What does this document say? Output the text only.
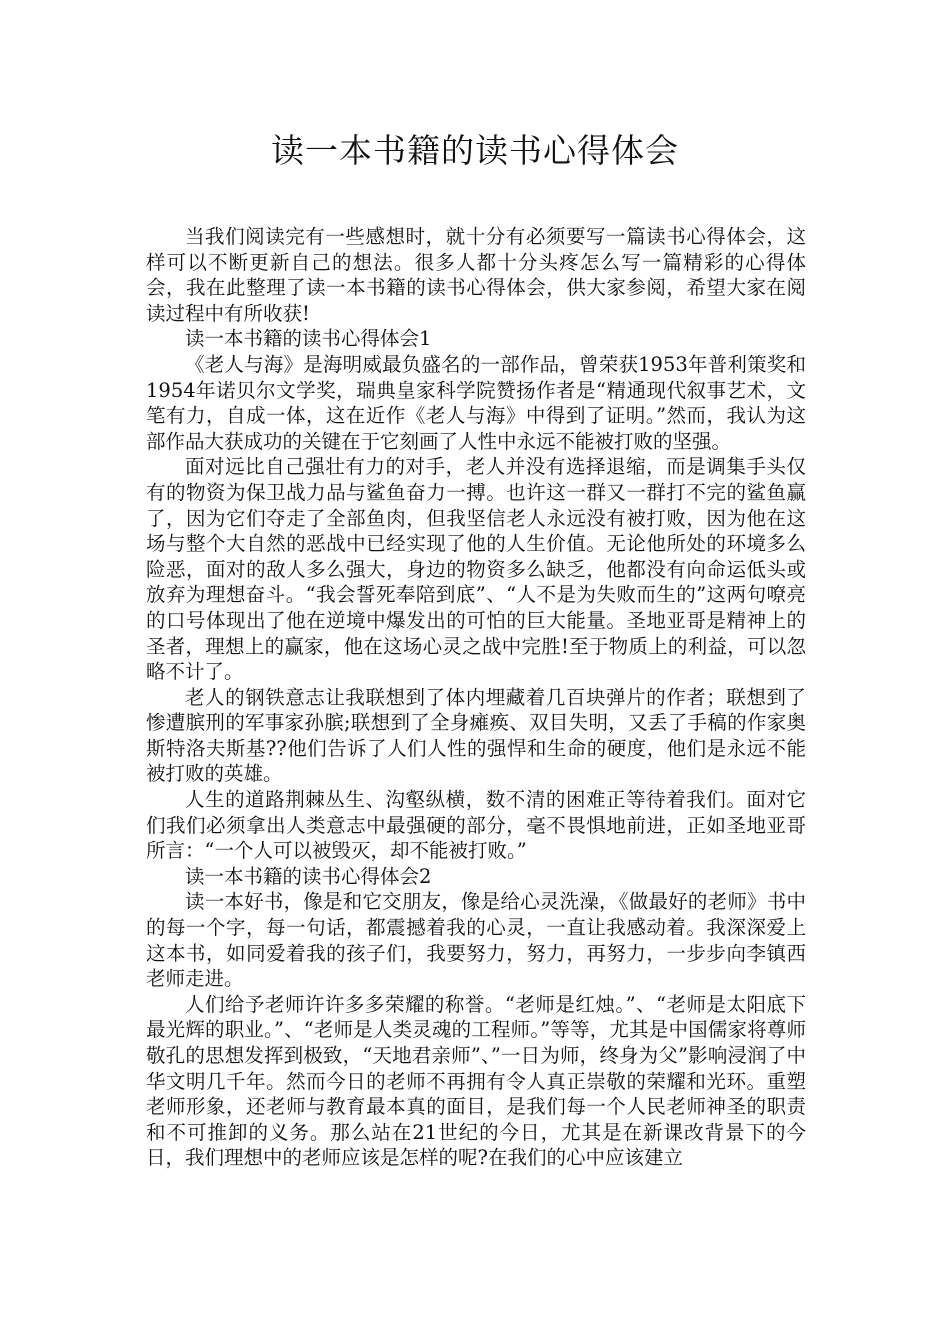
读一本书籍的读书心得体会

当我们阅读完有一些感想时，就十分有必须要写一篇读书心得体会，这样可以不断更新自己的想法。很多人都十分头疼怎么写一篇精彩的心得体会，我在此整理了读一本书籍的读书心得体会，供大家参阅，希望大家在阅读过程中有所收获!

读一本书籍的读书心得体会1

《老人与海》是海明威最负盛名的一部作品，曾荣获1953年普利策奖和1954年诺贝尔文学奖，瑞典皇家科学院赞扬作者是“精通现代叙事艺术，文笔有力，自成一体，这在近作《老人与海》中得到了证明。”然而，我认为这部作品大获成功的关键在于它刻画了人性中永远不能被打败的坚强。

面对远比自己强壮有力的对手，老人并没有选择退缩，而是调集手头仅有的物资为保卫战力品与鲨鱼奋力一搏。也许这一群又一群打不完的鲨鱼赢了，因为它们夺走了全部鱼肉，但我坚信老人永远没有被打败，因为他在这场与整个大自然的恶战中已经实现了他的人生价值。无论他所处的环境多么险恶，面对的敌人多么强大，身边的物资多么缺乏，他都没有向命运低头或放弃为理想奋斗。“我会誓死奉陪到底”、“人不是为失败而生的”这两句嘹亮的口号体现出了他在逆境中爆发出的可怕的巨大能量。圣地亚哥是精神上的圣者，理想上的赢家，他在这场心灵之战中完胜!至于物质上的利益，可以忽略不计了。

老人的钢铁意志让我联想到了体内埋藏着几百块弹片的作者；联想到了惨遭膑刑的军事家孙膑;联想到了全身瘫痪、双目失明，又丢了手稿的作家奥斯特洛夫斯基??他们告诉了人们人性的强悍和生命的硬度，他们是永远不能被打败的英雄。

人生的道路荆棘丛生、沟壑纵横，数不清的困难正等待着我们。面对它们我们必须拿出人类意志中最强硬的部分，毫不畏惧地前进，正如圣地亚哥所言：“一个人可以被毁灭，却不能被打败。”

读一本书籍的读书心得体会2

读一本好书，像是和它交朋友，像是给心灵洗澡，《做最好的老师》书中的每一个字，每一句话，都震撼着我的心灵，一直让我感动着。我深深爱上这本书，如同爱着我的孩子们，我要努力，努力，再努力，一步步向李镇西老师走进。

人们给予老师许许多多荣耀的称誉。“老师是红烛。”、“老师是太阳底下最光辉的职业。”、“老师是人类灵魂的工程师。”等等，尤其是中国儒家将尊师敬孔的思想发挥到极致，“天地君亲师”、”一日为师，终身为父”影响浸润了中华文明几千年。然而今日的老师不再拥有令人真正崇敬的荣耀和光环。重塑老师形象，还老师与教育最本真的面目，是我们每一个人民老师神圣的职责和不可推卸的义务。那么站在21世纪的今日，尤其是在新课改背景下的今日，我们理想中的老师应该是怎样的呢?在我们的心中应该建立
